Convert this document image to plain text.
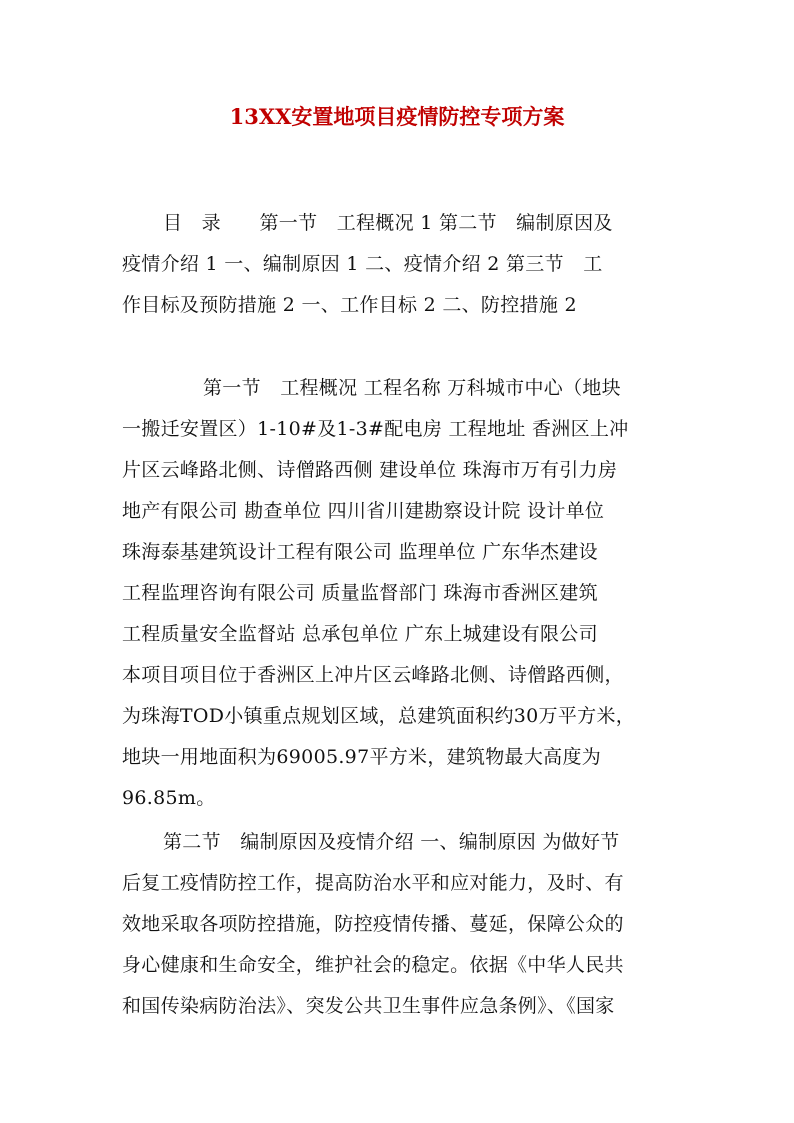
13XX安置地项目疫情防控专项方案
目　录　　第一节　工程概况 1 第二节　编制原因及
疫情介绍 1 一、编制原因 1 二、疫情介绍 2 第三节　工
作目标及预防措施 2 一、工作目标 2 二、防控措施 2
第一节　工程概况 工程名称 万科城市中心（地块
一搬迁安置区）1-10#及1-3#配电房 工程地址 香洲区上冲
片区云峰路北侧、诗僧路西侧 建设单位 珠海市万有引力房
地产有限公司 勘查单位 四川省川建勘察设计院 设计单位
珠海泰基建筑设计工程有限公司 监理单位 广东华杰建设
工程监理咨询有限公司 质量监督部门 珠海市香洲区建筑
工程质量安全监督站 总承包单位 广东上城建设有限公司
本项目项目位于香洲区上冲片区云峰路北侧、诗僧路西侧，
为珠海TOD小镇重点规划区域，总建筑面积约30万平方米，
地块一用地面积为69005.97平方米，建筑物最大高度为
96.85m。
第二节　编制原因及疫情介绍 一、编制原因 为做好节
后复工疫情防控工作，提高防治水平和应对能力，及时、有
效地采取各项防控措施，防控疫情传播、蔓延，保障公众的
身心健康和生命安全，维护社会的稳定。依据《中华人民共
和国传染病防治法》、突发公共卫生事件应急条例》、《国家
